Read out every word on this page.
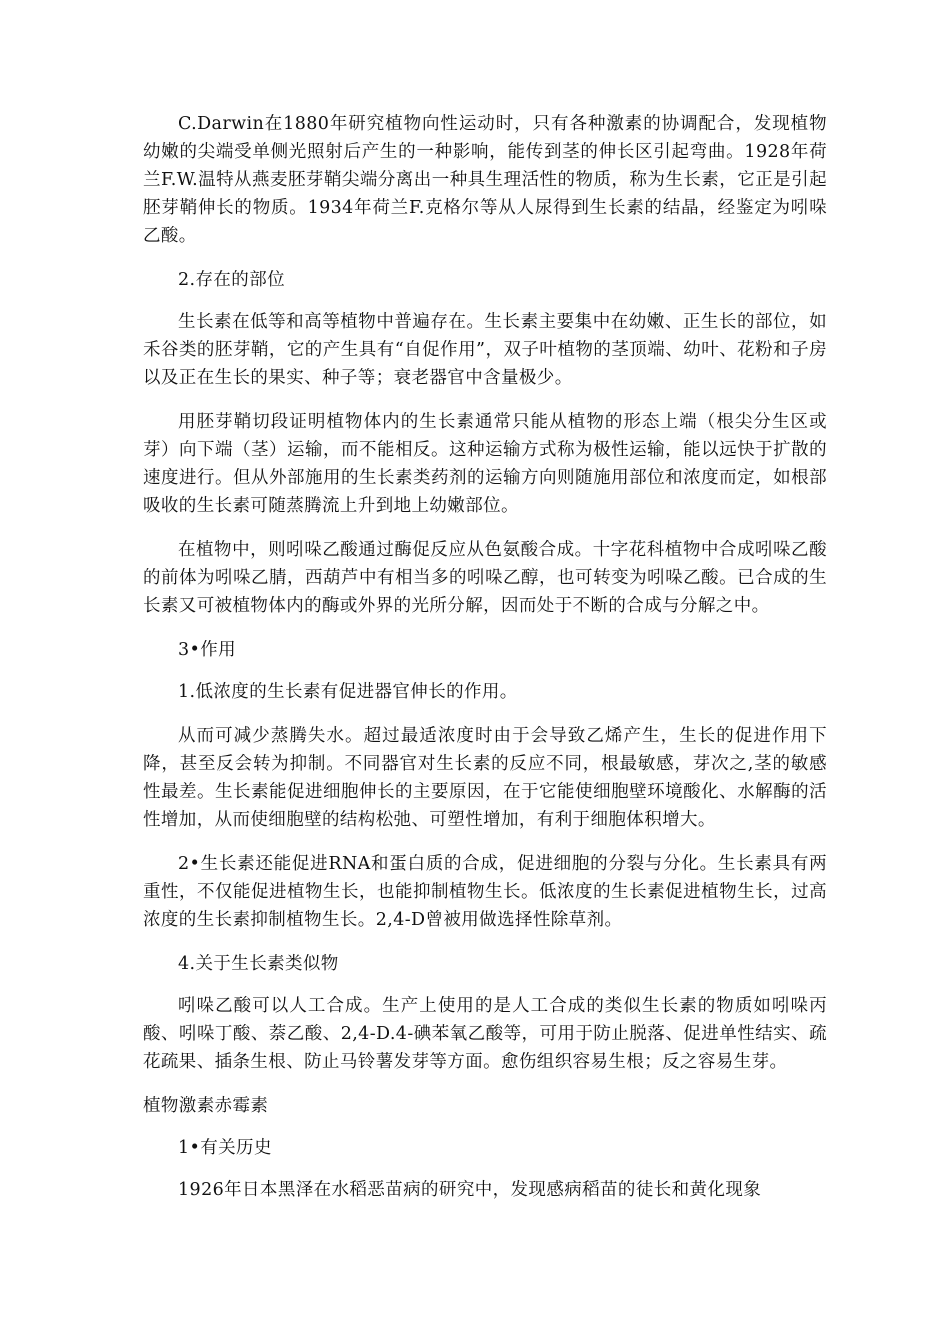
C.Darwin在1880年研究植物向性运动时，只有各种激素的协调配合，发现植物幼嫩的尖端受单侧光照射后产生的一种影响，能传到茎的伸长区引起弯曲。1928年荷兰F.W.温特从燕麦胚芽鞘尖端分离出一种具生理活性的物质，称为生长素，它正是引起胚芽鞘伸长的物质。1934年荷兰F.克格尔等从人尿得到生长素的结晶，经鉴定为吲哚乙酸。

2.存在的部位

生长素在低等和高等植物中普遍存在。生长素主要集中在幼嫩、正生长的部位，如禾谷类的胚芽鞘，它的产生具有“自促作用”，双子叶植物的茎顶端、幼叶、花粉和子房以及正在生长的果实、种子等；衰老器官中含量极少。

用胚芽鞘切段证明植物体内的生长素通常只能从植物的形态上端（根尖分生区或芽）向下端（茎）运输，而不能相反。这种运输方式称为极性运输，能以远快于扩散的速度进行。但从外部施用的生长素类药剂的运输方向则随施用部位和浓度而定，如根部吸收的生长素可随蒸腾流上升到地上幼嫩部位。

在植物中，则吲哚乙酸通过酶促反应从色氨酸合成。十字花科植物中合成吲哚乙酸的前体为吲哚乙腈，西葫芦中有相当多的吲哚乙醇，也可转变为吲哚乙酸。已合成的生长素又可被植物体内的酶或外界的光所分解，因而处于不断的合成与分解之中。

3•作用

1.低浓度的生长素有促进器官伸长的作用。

从而可减少蒸腾失水。超过最适浓度时由于会导致乙烯产生，生长的促进作用下降，甚至反会转为抑制。不同器官对生长素的反应不同，根最敏感，芽次之,茎的敏感性最差。生长素能促进细胞伸长的主要原因，在于它能使细胞壁环境酸化、水解酶的活性增加，从而使细胞壁的结构松弛、可塑性增加，有利于细胞体积增大。

2•生长素还能促进RNA和蛋白质的合成，促进细胞的分裂与分化。生长素具有两重性，不仅能促进植物生长，也能抑制植物生长。低浓度的生长素促进植物生长，过高浓度的生长素抑制植物生长。2,4-D曾被用做选择性除草剂。

4.关于生长素类似物

吲哚乙酸可以人工合成。生产上使用的是人工合成的类似生长素的物质如吲哚丙酸、吲哚丁酸、萘乙酸、2,4-D.4-碘苯氧乙酸等，可用于防止脱落、促进单性结实、疏花疏果、插条生根、防止马铃薯发芽等方面。愈伤组织容易生根；反之容易生芽。

植物激素赤霉素

1•有关历史

1926年日本黑泽在水稻恶苗病的研究中，发现感病稻苗的徒长和黄化现象
